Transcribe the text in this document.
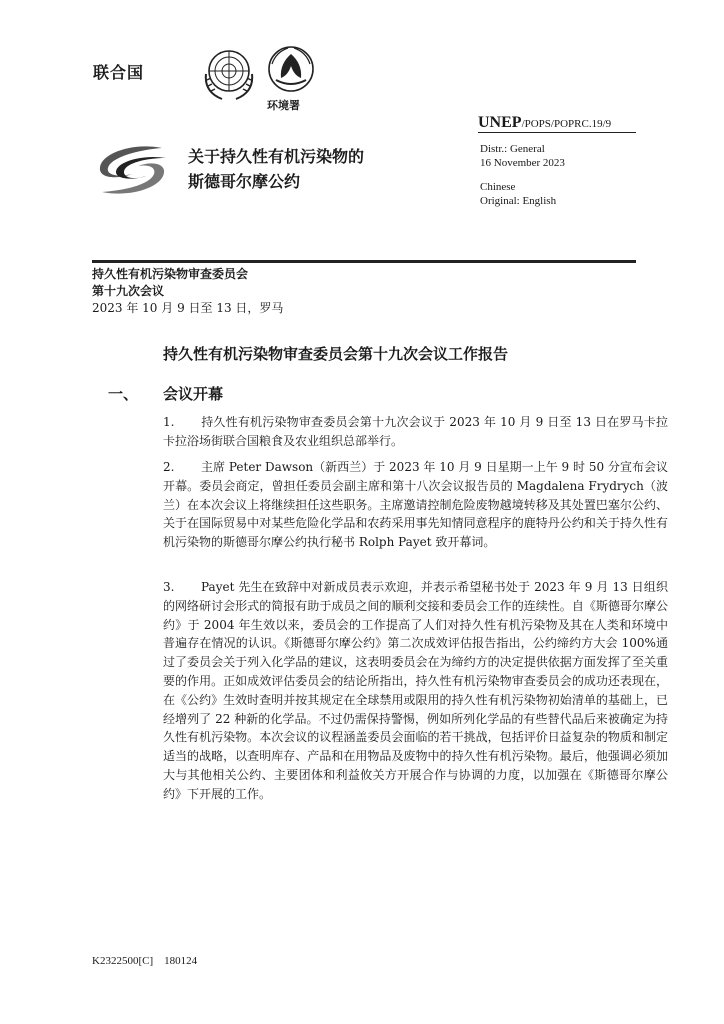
联合国
环境署
UNEP/POPS/POPRC.19/9
关于持久性有机污染物的
斯德哥尔摩公约
Distr.: General
16 November 2023
Chinese
Original: English
持久性有机污染物审查委员会
第十九次会议
2023 年 10 月 9 日至 13 日，罗马
持久性有机污染物审查委员会第十九次会议工作报告
一、 会议开幕
1. 持久性有机污染物审查委员会第十九次会议于 2023 年 10 月 9 日至 13 日在罗马卡拉卡拉浴场街联合国粮食及农业组织总部举行。
2. 主席 Peter Dawson（新西兰）于 2023 年 10 月 9 日星期一上午 9 时 50 分宣布会议开幕。委员会商定，曾担任委员会副主席和第十八次会议报告员的 Magdalena Frydrych（波兰）在本次会议上将继续担任这些职务。主席邀请控制危险废物越境转移及其处置巴塞尔公约、关于在国际贸易中对某些危险化学品和农药采用事先知情同意程序的鹿特丹公约和关于持久性有机污染物的斯德哥尔摩公约执行秘书 Rolph Payet 致开幕词。
3. Payet 先生在致辞中对新成员表示欢迎，并表示希望秘书处于 2023 年 9 月 13 日组织的网络研讨会形式的简报有助于成员之间的顺利交接和委员会工作的连续性。自《斯德哥尔摩公约》于 2004 年生效以来，委员会的工作提高了人们对持久性有机污染物及其在人类和环境中普遍存在情况的认识。《斯德哥尔摩公约》第二次成效评估报告指出，公约缔约方大会 100%通过了委员会关于列入化学品的建议，这表明委员会在为缔约方的决定提供依据方面发挥了至关重要的作用。正如成效评估委员会的结论所指出，持久性有机污染物审查委员会的成功还表现在，在《公约》生效时查明并按其规定在全球禁用或限用的持久性有机污染物初始清单的基础上，已经增列了 22 种新的化学品。不过仍需保持警惕，例如所列化学品的有些替代品后来被确定为持久性有机污染物。本次会议的议程涵盖委员会面临的若干挑战，包括评价日益复杂的物质和制定适当的战略，以查明库存、产品和在用物品及废物中的持久性有机污染物。最后，他强调必须加大与其他相关公约、主要团体和利益攸关方开展合作与协调的力度，以加强在《斯德哥尔摩公约》下开展的工作。
K2322500[C]　180124
